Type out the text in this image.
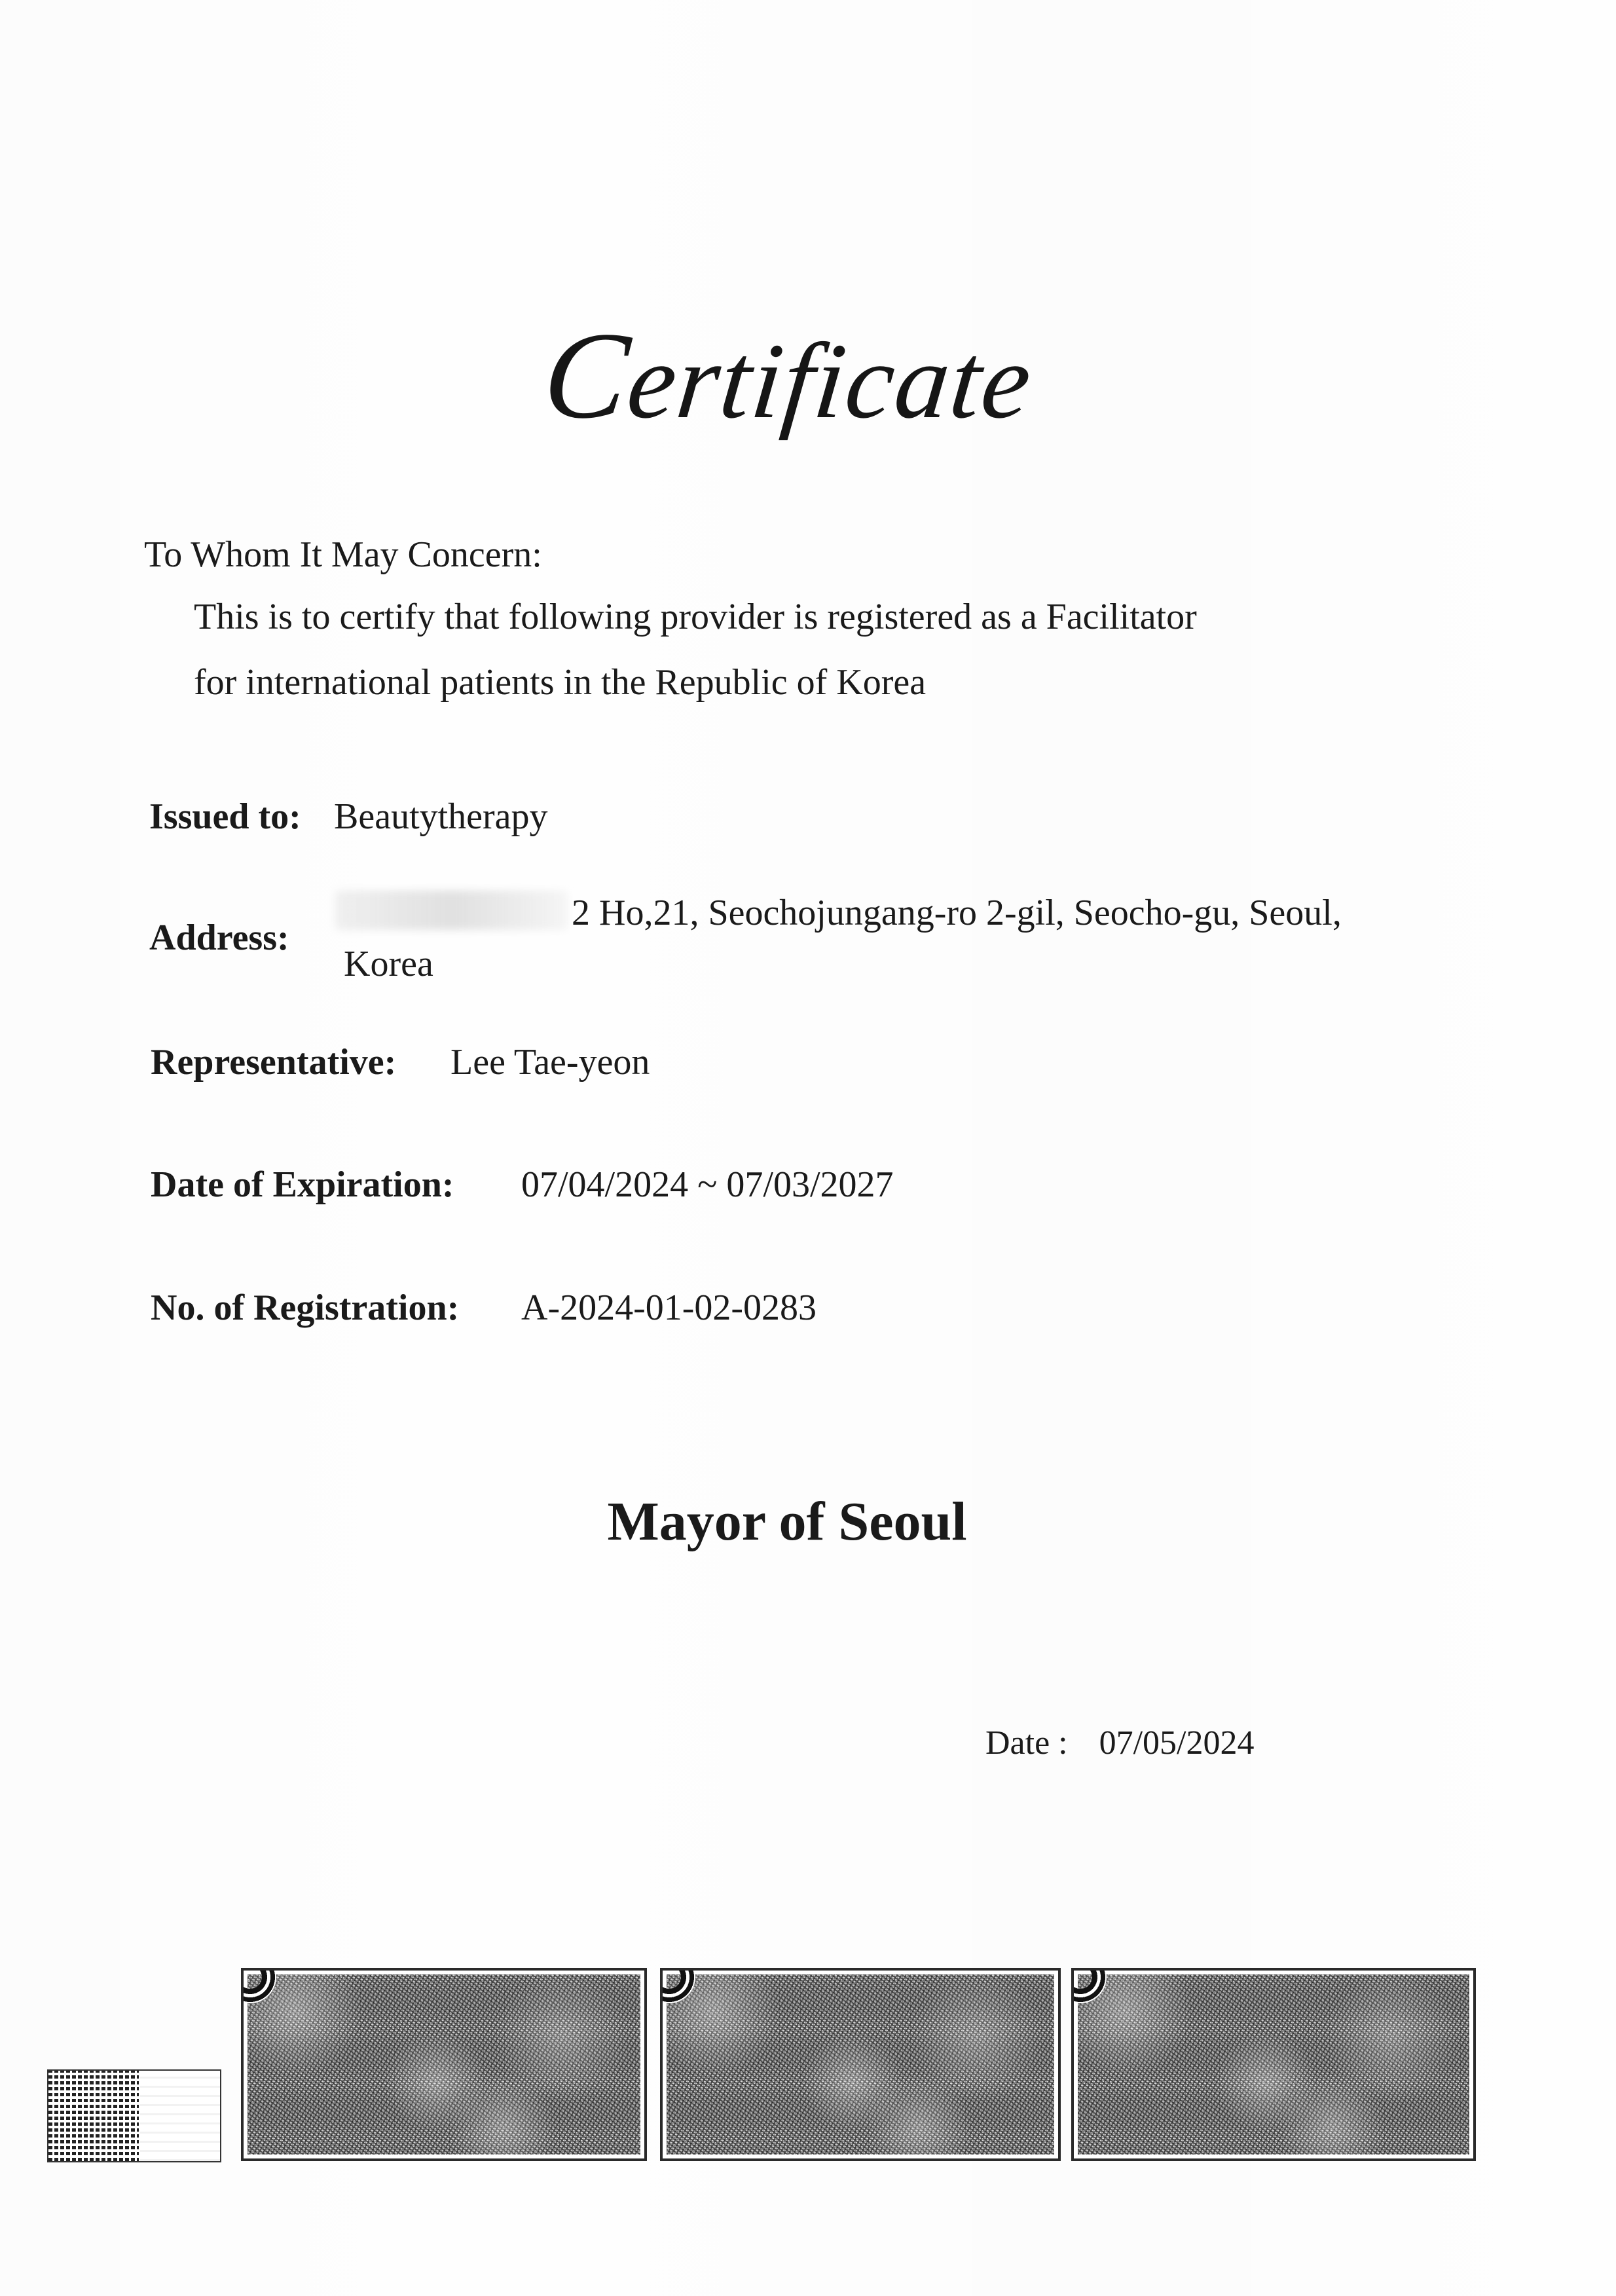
Certificate
To Whom It May Concern:
This is to certify that following provider is registered as a Facilitator
for international patients in the Republic of Korea
Issued to: Beautytherapy
Address:
2 Ho,21, Seochojungang-ro 2-gil, Seocho-gu, Seoul,
Korea
Representative: Lee Tae-yeon
Date of Expiration: 07/04/2024 ~ 07/03/2027
No. of Registration: A-2024-01-02-0283
Mayor of Seoul
Date : 07/05/2024
